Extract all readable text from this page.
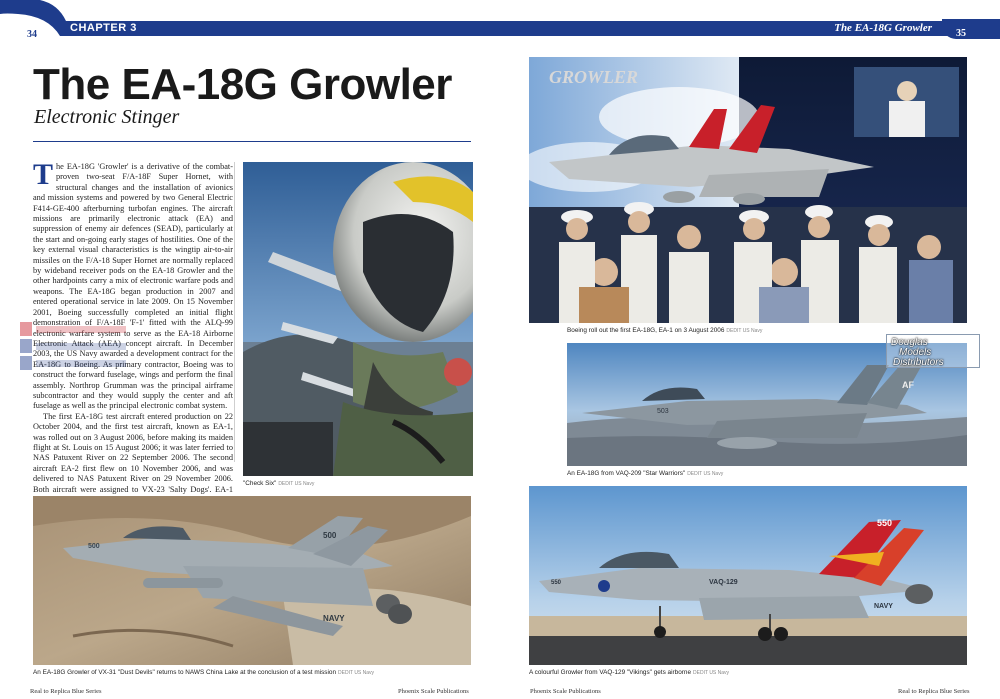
34
CHAPTER 3	The EA-18G Growler 35
The EA-18G Growler
Electronic Stinger

The EA-18G 'Growler' is a derivative of the combat-proven two-seat F/A-18F Super Hornet, with structural changes and the installation of avionics and mission systems and powered by two General Electric F414-GE-400 afterburning turbofan engines. The aircraft missions are primarily electronic attack (EA) and suppression of enemy air defences (SEAD), particularly at the start and on-going early stages of hostilities. One of the key external visual characteristics is the wingtip air-to-air missiles on the F/A-18 Super Hornet are normally replaced by wideband receiver pods on the EA-18 Growler and the other hardpoints carry a mix of electronic warfare pods and weapons. The EA-18G began production in 2007 and entered operational service in late 2009. On 15 November 2001, Boeing successfully completed an initial flight demonstration of F/A-18F 'F-1' fitted with the ALQ-99 electronic warfare system to serve as the EA-18 Airborne Electronic Attack (AEA) concept aircraft. In December 2003, the US Navy awarded a development contract for the EA-18G to Boeing. As primary contractor, Boeing was to construct the forward fuselage, wings and perform the final assembly. Northrop Grumman was the principal airframe subcontractor and they would supply the center and aft fuselage as well as the principal electronic combat system.

The first EA-18G test aircraft entered production on 22 October 2004, and the first test aircraft, known as EA-1, was rolled out on 3 August 2006, before making its maiden flight at St. Louis on 15 August 2006; it was later ferried to NAS Patuxent River on 22 September 2006. The second aircraft EA-2 first flew on 10 November 2006, and was delivered to NAS Patuxent River on 29 November 2006. Both aircraft were assigned to VX-23 'Salty Dogs'. EA-1

"Check Six" DEDIT US Navy
GROWLER
Boeing roll out the first EA-18G, EA-1 on 3 August 2006 DEDIT US Navy
503
AF
An EA-18G from VAQ-209 "Star Warriors" DEDIT US Navy
Douglas
Models
Distributors
500
500
NAVY
An EA-18G Growler of VX-31 "Dust Devils" returns to NAWS China Lake at the conclusion of a test mission DEDIT US Navy
550	VAQ-129
550
NAVY
A colourful Growler from VAQ-129 "Vikings" gets airborne DEDIT US Navy
Real to Replica Blue Series	Phoenix Scale Publications	Phoenix Scale Publications	Real to Replica Blue Series
